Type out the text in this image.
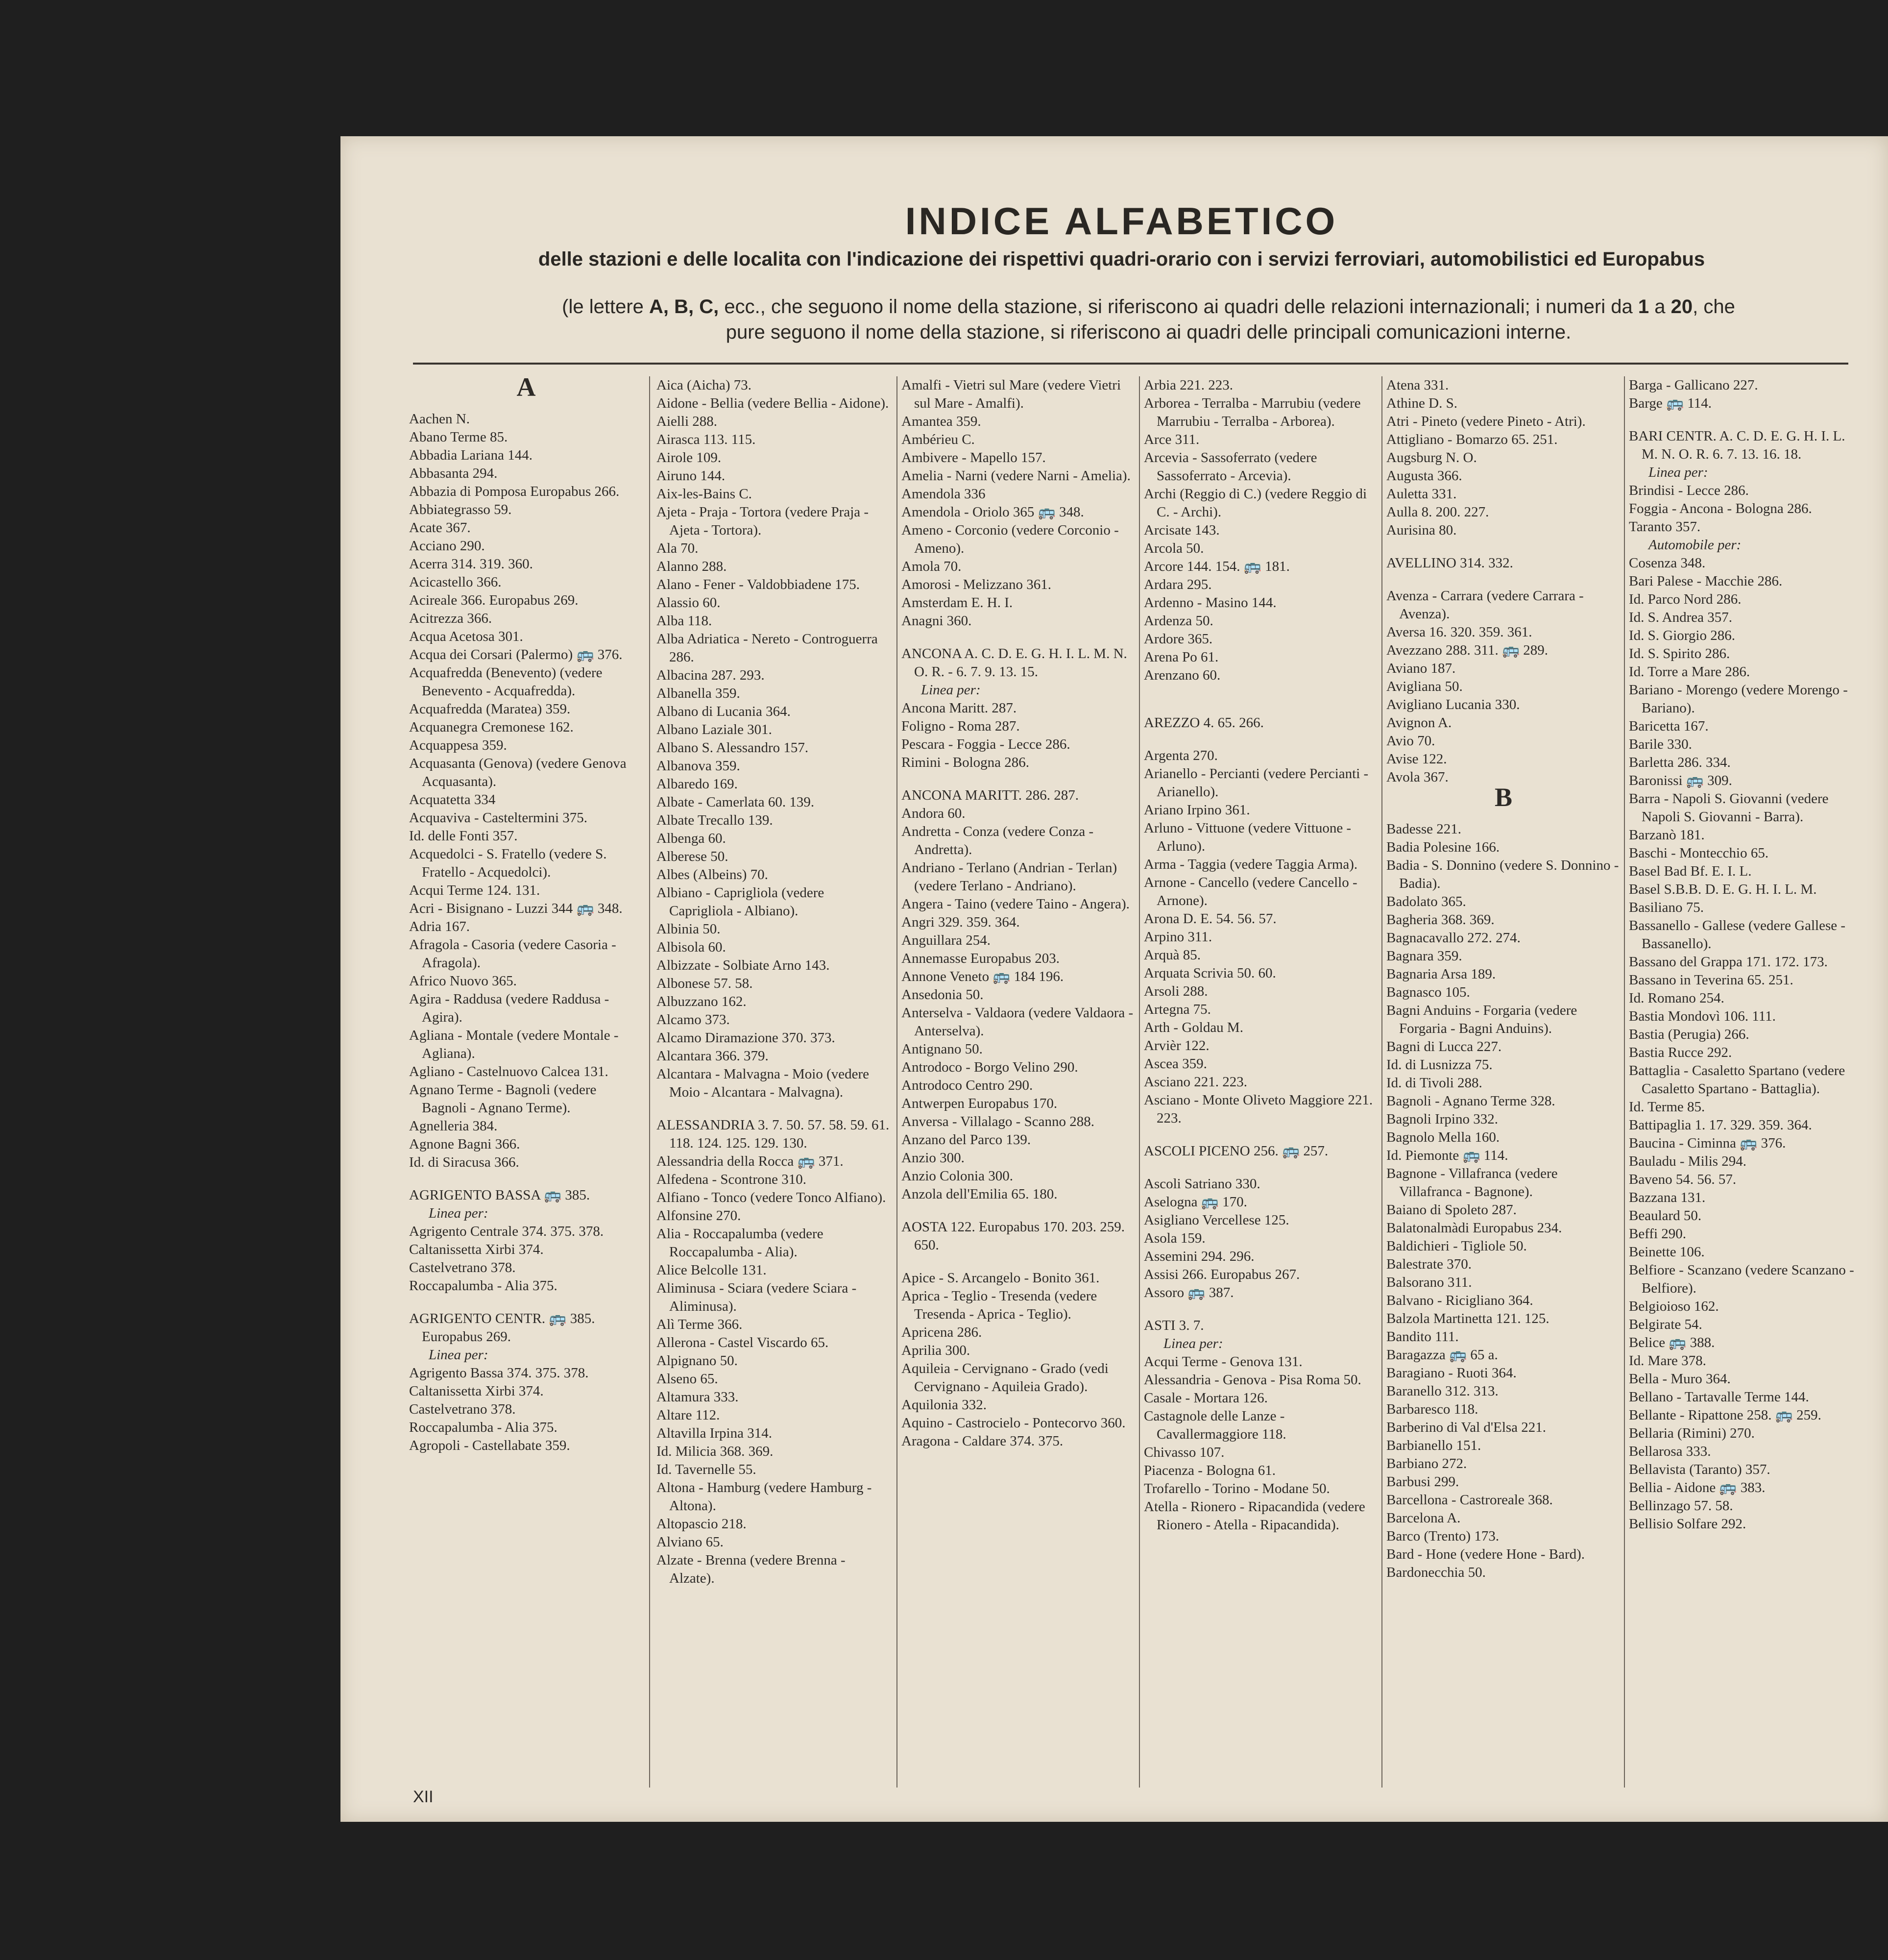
INDICE ALFABETICO
delle stazioni e delle localita con l'indicazione dei rispettivi quadri-orario con i servizi ferroviari, automobilistici ed Europabus
(le lettere A, B, C, ecc., che seguono il nome della stazione, si riferiscono ai quadri delle relazioni internazionali; i numeri da 1 a 20, che
pure seguono il nome della stazione, si riferiscono ai quadri delle principali comunicazioni interne.
A
Aachen N.
Abano Terme 85.
Abbadia Lariana 144.
Abbasanta 294.
Abbazia di Pomposa Europabus 266.
Abbiategrasso 59.
Acate 367.
Acciano 290.
Acerra 314. 319. 360.
Acicastello 366.
Acireale 366. Europabus 269.
Acitrezza 366.
Acqua Acetosa 301.
Acqua dei Corsari (Palermo) 🚌 376.
Acquafredda (Benevento) (vedere Benevento - Acquafredda).
Acquafredda (Maratea) 359.
Acquanegra Cremonese 162.
Acquappesa 359.
Acquasanta (Genova) (vedere Genova Acquasanta).
Acquatetta 334
Acquaviva - Casteltermini 375.
Id. delle Fonti 357.
Acquedolci - S. Fratello (vedere S. Fratello - Acquedolci).
Acqui Terme 124. 131.
Acri - Bisignano - Luzzi 344 🚌 348.
Adria 167.
Afragola - Casoria (vedere Casoria - Afragola).
Africo Nuovo 365.
Agira - Raddusa (vedere Raddusa - Agira).
Agliana - Montale (vedere Montale - Agliana).
Agliano - Castelnuovo Calcea 131.
Agnano Terme - Bagnoli (vedere Bagnoli - Agnano Terme).
Agnelleria 384.
Agnone Bagni 366.
Id. di Siracusa 366.
AGRIGENTO BASSA 🚌 385.
Linea per:
Agrigento Centrale 374. 375. 378.
Caltanissetta Xirbi 374.
Castelvetrano 378.
Roccapalumba - Alia 375.
AGRIGENTO CENTR. 🚌 385. Europabus 269.
Linea per:
Agrigento Bassa 374. 375. 378.
Caltanissetta Xirbi 374.
Castelvetrano 378.
Roccapalumba - Alia 375.
Agropoli - Castellabate 359.
Aica (Aicha) 73.
Aidone - Bellia (vedere Bellia - Aidone).
Aielli 288.
Airasca 113. 115.
Airole 109.
Airuno 144.
Aix-les-Bains C.
Ajeta - Praja - Tortora (vedere Praja - Ajeta - Tortora).
Ala 70.
Alanno 288.
Alano - Fener - Valdobbiadene 175.
Alassio 60.
Alba 118.
Alba Adriatica - Nereto - Controguerra 286.
Albacina 287. 293.
Albanella 359.
Albano di Lucania 364.
Albano Laziale 301.
Albano S. Alessandro 157.
Albanova 359.
Albaredo 169.
Albate - Camerlata 60. 139.
Albate Trecallo 139.
Albenga 60.
Alberese 50.
Albes (Albeins) 70.
Albiano - Caprigliola (vedere Caprigliola - Albiano).
Albinia 50.
Albisola 60.
Albizzate - Solbiate Arno 143.
Albonese 57. 58.
Albuzzano 162.
Alcamo 373.
Alcamo Diramazione 370. 373.
Alcantara 366. 379.
Alcantara - Malvagna - Moio (vedere Moio - Alcantara - Malvagna).
ALESSANDRIA 3. 7. 50. 57. 58. 59. 61. 118. 124. 125. 129. 130.
Alessandria della Rocca 🚌 371.
Alfedena - Scontrone 310.
Alfiano - Tonco (vedere Tonco Alfiano).
Alfonsine 270.
Alia - Roccapalumba (vedere Roccapalumba - Alia).
Alice Belcolle 131.
Aliminusa - Sciara (vedere Sciara - Aliminusa).
Alì Terme 366.
Allerona - Castel Viscardo 65.
Alpignano 50.
Alseno 65.
Altamura 333.
Altare 112.
Altavilla Irpina 314.
Id. Milicia 368. 369.
Id. Tavernelle 55.
Altona - Hamburg (vedere Hamburg - Altona).
Altopascio 218.
Alviano 65.
Alzate - Brenna (vedere Brenna - Alzate).
Amalfi - Vietri sul Mare (vedere Vietri sul Mare - Amalfi).
Amantea 359.
Ambérieu C.
Ambivere - Mapello 157.
Amelia - Narni (vedere Narni - Amelia).
Amendola 336
Amendola - Oriolo 365 🚌 348.
Ameno - Corconio (vedere Corconio - Ameno).
Amola 70.
Amorosi - Melizzano 361.
Amsterdam E. H. I.
Anagni 360.
ANCONA A. C. D. E. G. H. I. L. M. N. O. R. - 6. 7. 9. 13. 15.
Linea per:
Ancona Maritt. 287.
Foligno - Roma 287.
Pescara - Foggia - Lecce 286.
Rimini - Bologna 286.
ANCONA MARITT. 286. 287.
Andora 60.
Andretta - Conza (vedere Conza - Andretta).
Andriano - Terlano (Andrian - Terlan) (vedere Terlano - Andriano).
Angera - Taino (vedere Taino - Angera).
Angri 329. 359. 364.
Anguillara 254.
Annemasse Europabus 203.
Annone Veneto 🚌 184 196.
Ansedonia 50.
Anterselva - Valdaora (vedere Valdaora - Anterselva).
Antignano 50.
Antrodoco - Borgo Velino 290.
Antrodoco Centro 290.
Antwerpen Europabus 170.
Anversa - Villalago - Scanno 288.
Anzano del Parco 139.
Anzio 300.
Anzio Colonia 300.
Anzola dell'Emilia 65. 180.
AOSTA 122. Europabus 170. 203. 259. 650.
Apice - S. Arcangelo - Bonito 361.
Aprica - Teglio - Tresenda (vedere Tresenda - Aprica - Teglio).
Apricena 286.
Aprilia 300.
Aquileia - Cervignano - Grado (vedi Cervignano - Aquileia Grado).
Aquilonia 332.
Aquino - Castrocielo - Pontecorvo 360.
Aragona - Caldare 374. 375.
Arbia 221. 223.
Arborea - Terralba - Marrubiu (vedere Marrubiu - Terralba - Arborea).
Arce 311.
Arcevia - Sassoferrato (vedere Sassoferrato - Arcevia).
Archi (Reggio di C.) (vedere Reggio di C. - Archi).
Arcisate 143.
Arcola 50.
Arcore 144. 154. 🚌 181.
Ardara 295.
Ardenno - Masino 144.
Ardenza 50.
Ardore 365.
Arena Po 61.
Arenzano 60.
AREZZO 4. 65. 266.
Argenta 270.
Arianello - Percianti (vedere Percianti - Arianello).
Ariano Irpino 361.
Arluno - Vittuone (vedere Vittuone - Arluno).
Arma - Taggia (vedere Taggia Arma).
Arnone - Cancello (vedere Cancello - Arnone).
Arona D. E. 54. 56. 57.
Arpino 311.
Arquà 85.
Arquata Scrivia 50. 60.
Arsoli 288.
Artegna 75.
Arth - Goldau M.
Arvièr 122.
Ascea 359.
Asciano 221. 223.
Asciano - Monte Oliveto Maggiore 221. 223.
ASCOLI PICENO 256. 🚌 257.
Ascoli Satriano 330.
Aselogna 🚌 170.
Asigliano Vercellese 125.
Asola 159.
Assemini 294. 296.
Assisi 266. Europabus 267.
Assoro 🚌 387.
ASTI 3. 7.
Linea per:
Acqui Terme - Genova 131.
Alessandria - Genova - Pisa Roma 50.
Casale - Mortara 126.
Castagnole delle Lanze - Cavallermaggiore 118.
Chivasso 107.
Piacenza - Bologna 61.
Trofarello - Torino - Modane 50.
Atella - Rionero - Ripacandida (vedere Rionero - Atella - Ripacandida).
Atena 331.
Athine D. S.
Atri - Pineto (vedere Pineto - Atri).
Attigliano - Bomarzo 65. 251.
Augsburg N. O.
Augusta 366.
Auletta 331.
Aulla 8. 200. 227.
Aurisina 80.
AVELLINO 314. 332.
Avenza - Carrara (vedere Carrara - Avenza).
Aversa 16. 320. 359. 361.
Avezzano 288. 311. 🚌 289.
Aviano 187.
Avigliana 50.
Avigliano Lucania 330.
Avignon A.
Avio 70.
Avise 122.
Avola 367.
B
Badesse 221.
Badia Polesine 166.
Badia - S. Donnino (vedere S. Donnino - Badia).
Badolato 365.
Bagheria 368. 369.
Bagnacavallo 272. 274.
Bagnara 359.
Bagnaria Arsa 189.
Bagnasco 105.
Bagni Anduins - Forgaria (vedere Forgaria - Bagni Anduins).
Bagni di Lucca 227.
Id. di Lusnizza 75.
Id. di Tivoli 288.
Bagnoli - Agnano Terme 328.
Bagnoli Irpino 332.
Bagnolo Mella 160.
Id. Piemonte 🚌 114.
Bagnone - Villafranca (vedere Villafranca - Bagnone).
Baiano di Spoleto 287.
Balatonalmàdi Europabus 234.
Baldichieri - Tigliole 50.
Balestrate 370.
Balsorano 311.
Balvano - Ricigliano 364.
Balzola Martinetta 121. 125.
Bandito 111.
Baragazza 🚌 65 a.
Baragiano - Ruoti 364.
Baranello 312. 313.
Barbaresco 118.
Barberino di Val d'Elsa 221.
Barbianello 151.
Barbiano 272.
Barbusi 299.
Barcellona - Castroreale 368.
Barcelona A.
Barco (Trento) 173.
Bard - Hone (vedere Hone - Bard).
Bardonecchia 50.
Barga - Gallicano 227.
Barge 🚌 114.
BARI CENTR. A. C. D. E. G. H. I. L. M. N. O. R. 6. 7. 13. 16. 18.
Linea per:
Brindisi - Lecce 286.
Foggia - Ancona - Bologna 286.
Taranto 357.
Automobile per:
Cosenza 348.
Bari Palese - Macchie 286.
Id. Parco Nord 286.
Id. S. Andrea 357.
Id. S. Giorgio 286.
Id. S. Spirito 286.
Id. Torre a Mare 286.
Bariano - Morengo (vedere Morengo - Bariano).
Baricetta 167.
Barile 330.
Barletta 286. 334.
Baronissi 🚌 309.
Barra - Napoli S. Giovanni (vedere Napoli S. Giovanni - Barra).
Barzanò 181.
Baschi - Montecchio 65.
Basel Bad Bf. E. I. L.
Basel S.B.B. D. E. G. H. I. L. M.
Basiliano 75.
Bassanello - Gallese (vedere Gallese - Bassanello).
Bassano del Grappa 171. 172. 173.
Bassano in Teverina 65. 251.
Id. Romano 254.
Bastia Mondovì 106. 111.
Bastia (Perugia) 266.
Bastia Rucce 292.
Battaglia - Casaletto Spartano (vedere Casaletto Spartano - Battaglia).
Id. Terme 85.
Battipaglia 1. 17. 329. 359. 364.
Baucina - Ciminna 🚌 376.
Bauladu - Milis 294.
Baveno 54. 56. 57.
Bazzana 131.
Beaulard 50.
Beffi 290.
Beinette 106.
Belfiore - Scanzano (vedere Scanzano - Belfiore).
Belgioioso 162.
Belgirate 54.
Belice 🚌 388.
Id. Mare 378.
Bella - Muro 364.
Bellano - Tartavalle Terme 144.
Bellante - Ripattone 258. 🚌 259.
Bellaria (Rimini) 270.
Bellarosa 333.
Bellavista (Taranto) 357.
Bellia - Aidone 🚌 383.
Bellinzago 57. 58.
Bellisio Solfare 292.
XII
